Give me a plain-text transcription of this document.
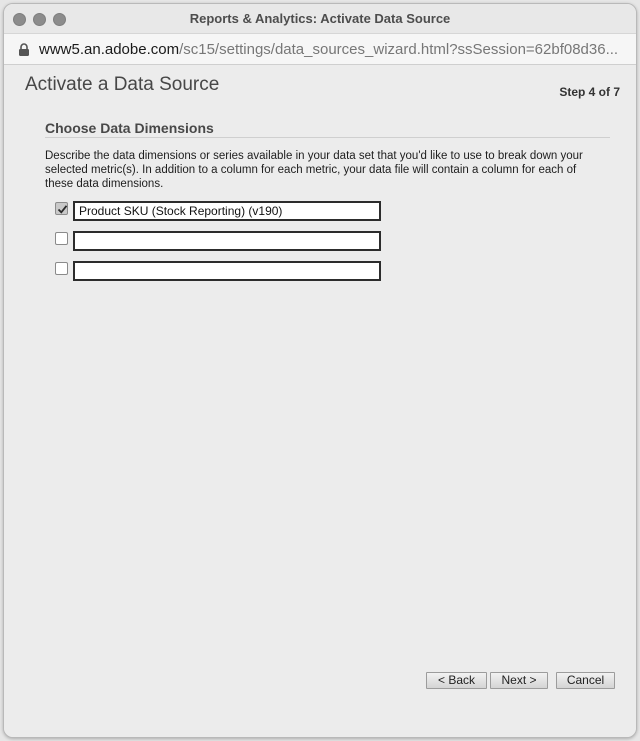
Reports & Analytics: Activate Data Source
www5.an.adobe.com/sc15/settings/data_sources_wizard.html?ssSession=62bf08d36...
Activate a Data Source	Step 4 of 7
Choose Data Dimensions
Describe the data dimensions or series available in your data set that you'd like to use to break down your selected metric(s). In addition to a column for each metric, your data file will contain a column for each of these data dimensions.
Product SKU (Stock Reporting) (v190)
< Back	Next >	Cancel
